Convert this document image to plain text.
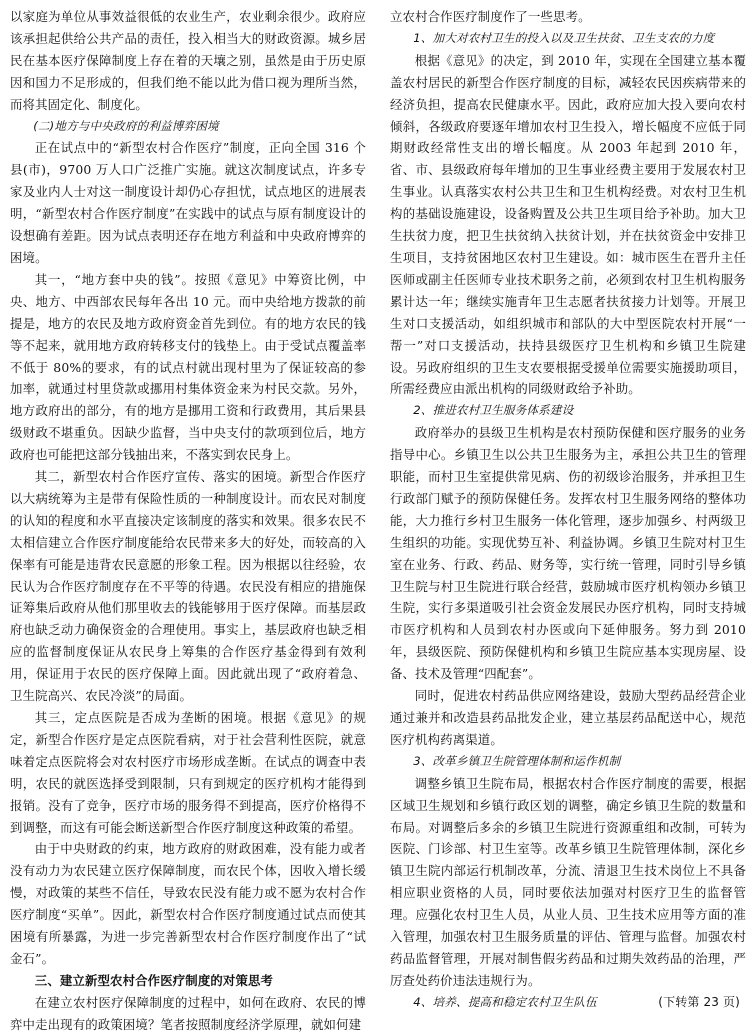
以家庭为单位从事效益很低的农业生产，农业剩余很少。政府应该承担起供给公共产品的责任，投入相当大的财政资源。城乡居民在基本医疗保障制度上存在着的天壤之别，虽然是由于历史原因和国力不足形成的，但我们绝不能以此为借口视为理所当然，而将其固定化、制度化。

(二)地方与中央政府的利益博弈困境

正在试点中的“新型农村合作医疗”制度，正向全国 316 个县(市)，9700 万人口广泛推广实施。就这次制度试点，许多专家及业内人士对这一制度设计却仍心存担忧，试点地区的进展表明，“新型农村合作医疗制度”在实践中的试点与原有制度设计的设想确有差距。因为试点表明还存在地方利益和中央政府博弈的困境。

其一，“地方套中央的钱”。按照《意见》中筹资比例，中央、地方、中西部农民每年各出 10 元。而中央给地方拨款的前提是，地方的农民及地方政府资金首先到位。有的地方农民的钱等不起来，就用地方政府转移支付的钱垫上。由于受试点覆盖率不低于 80%的要求，有的试点村就出现村里为了保证较高的参加率，就通过村里贷款或挪用村集体资金来为村民交款。另外，地方政府出的部分，有的地方是挪用工资和行政费用，其后果县级财政不堪重负。因缺少监督，当中央支付的款项到位后，地方政府也可能把这部分钱抽出来，不落实到农民身上。

其二，新型农村合作医疗宣传、落实的困境。新型合作医疗以大病统筹为主是带有保险性质的一种制度设计。而农民对制度的认知的程度和水平直接决定该制度的落实和效果。很多农民不太相信建立合作医疗制度能给农民带来多大的好处，而较高的入保率有可能是违背农民意愿的形象工程。因为根据以往经验，农民认为合作医疗制度存在不平等的待遇。农民没有相应的措施保证筹集后政府从他们那里收去的钱能够用于医疗保障。而基层政府也缺乏动力确保资金的合理使用。事实上，基层政府也缺乏相应的监督制度保证从农民身上筹集的合作医疗基金得到有效利用，保证用于农民的医疗保障上面。因此就出现了“政府着急、卫生院高兴、农民冷淡”的局面。

其三，定点医院是否成为垄断的困境。根据《意见》的规定，新型合作医疗是定点医院看病，对于社会营利性医院，就意味着定点医院将会对农村医疗市场形成垄断。在试点的调查中表明，农民的就医选择受到限制，只有到规定的医疗机构才能得到报销。没有了竞争，医疗市场的服务得不到提高，医疗价格得不到调整，而这有可能会断送新型合作医疗制度这种政策的希望。

由于中央财政的约束，地方政府的财政困难，没有能力或者没有动力为农民建立医疗保障制度，而农民个体，因收入增长缓慢，对政策的某些不信任，导致农民没有能力或不愿为农村合作医疗制度“买单”。因此，新型农村合作医疗制度通过试点而使其困境有所暴露，为进一步完善新型农村合作医疗制度作出了“试金石”。

三、建立新型农村合作医疗制度的对策思考

在建立农村医疗保障制度的过程中，如何在政府、农民的博弈中走出现有的政策困境？笔者按照制度经济学原理，就如何建

立农村合作医疗制度作了一些思考。

1、加大对农村卫生的投入以及卫生扶贫、卫生支农的力度

根据《意见》的决定，到 2010 年，实现在全国建立基本覆盖农村居民的新型合作医疗制度的目标，减轻农民因疾病带来的经济负担，提高农民健康水平。因此，政府应加大投入要向农村倾斜，各级政府要逐年增加农村卫生投入，增长幅度不应低于同期财政经常性支出的增长幅度。从 2003 年起到 2010 年，省、市、县级政府每年增加的卫生事业经费主要用于发展农村卫生事业。认真落实农村公共卫生和卫生机构经费。对农村卫生机构的基础设施建设，设备购置及公共卫生项目给予补助。加大卫生扶贫力度，把卫生扶贫纳入扶贫计划，并在扶贫资金中安排卫生项目，支持贫困地区农村卫生建设。如：城市医生在晋升主任医师或副主任医师专业技术职务之前，必须到农村卫生机构服务累计达一年；继续实施青年卫生志愿者扶贫接力计划等。开展卫生对口支援活动，如组织城市和部队的大中型医院农村开展“一帮一”对口支援活动，扶持县级医疗卫生机构和乡镇卫生院建设。另政府组织的卫生支农要根据受援单位需要实施援助项目，所需经费应由派出机构的同级财政给予补助。

2、推进农村卫生服务体系建设

政府举办的县级卫生机构是农村预防保健和医疗服务的业务指导中心。乡镇卫生以公共卫生服务为主，承担公共卫生的管理职能，而村卫生室提供常见病、伤的初级诊治服务，并承担卫生行政部门赋予的预防保健任务。发挥农村卫生服务网络的整体功能，大力推行乡村卫生服务一体化管理，逐步加强乡、村两级卫生组织的功能。实现优势互补、利益协调。乡镇卫生院对村卫生室在业务、行政、药品、财务等，实行统一管理，同时引导乡镇卫生院与村卫生院进行联合经营，鼓励城市医疗机构领办乡镇卫生院，实行多渠道吸引社会资金发展民办医疗机构，同时支持城市医疗机构和人员到农村办医或向下延伸服务。努力到 2010 年，县级医院、预防保健机构和乡镇卫生院应基本实现房屋、设备、技术及管理“四配套”。

同时，促进农村药品供应网络建设，鼓励大型药品经营企业通过兼并和改造县药品批发企业，建立基层药品配送中心，规范医疗机构药离渠道。

3、改革乡镇卫生院管理体制和运作机制

调整乡镇卫生院布局，根据农村合作医疗制度的需要，根据区域卫生规划和乡镇行政区划的调整，确定乡镇卫生院的数量和布局。对调整后多余的乡镇卫生院进行资源重组和改制，可转为医院、门诊部、村卫生室等。改革乡镇卫生院管理体制，深化乡镇卫生院内部运行机制改革，分流、清退卫生技术岗位上不具备相应职业资格的人员，同时要依法加强对村医疗卫生的监督管理。应强化农村卫生人员，从业人员、卫生技术应用等方面的准入管理，加强农村卫生服务质量的评估、管理与监督。加强农村药品监督管理，开展对制售假劣药品和过期失效药品的治理，严厉查处药价违法违规行为。

4、培养、提高和稳定农村卫生队伍	(下转第 23 页)
